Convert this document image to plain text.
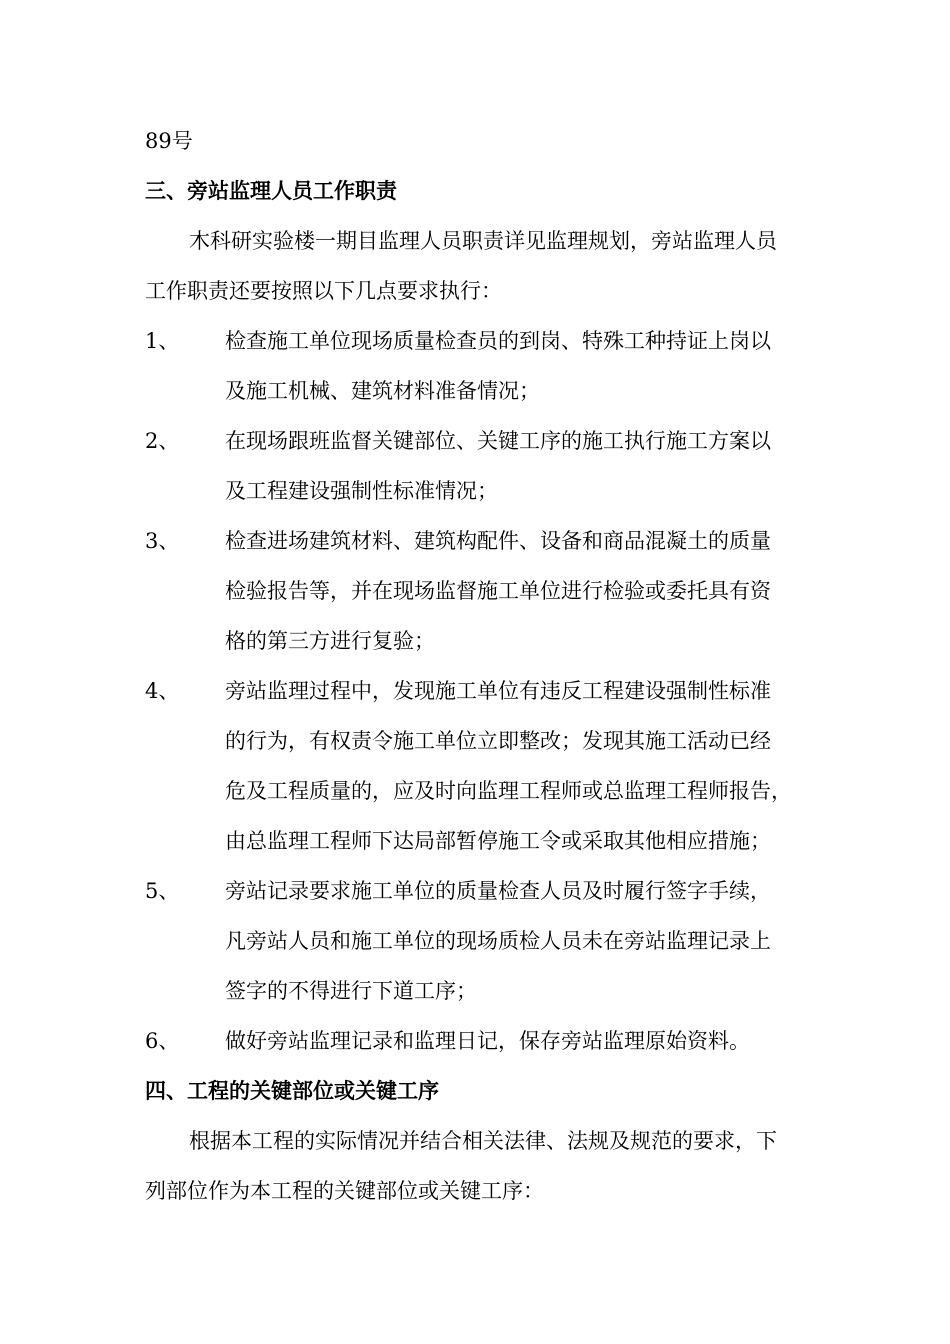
89号
三、旁站监理人员工作职责
木科研实验楼一期目监理人员职责详见监理规划，旁站监理人员
工作职责还要按照以下几点要求执行：
1、 检查施工单位现场质量检查员的到岗、特殊工种持证上岗以
及施工机械、建筑材料准备情况；
2、 在现场跟班监督关键部位、关键工序的施工执行施工方案以
及工程建设强制性标准情况；
3、 检查进场建筑材料、建筑构配件、设备和商品混凝土的质量
检验报告等，并在现场监督施工单位进行检验或委托具有资
格的第三方进行复验；
4、 旁站监理过程中，发现施工单位有违反工程建设强制性标准
的行为，有权责令施工单位立即整改；发现其施工活动已经
危及工程质量的，应及时向监理工程师或总监理工程师报告，
由总监理工程师下达局部暂停施工令或采取其他相应措施；
5、 旁站记录要求施工单位的质量检查人员及时履行签字手续，
凡旁站人员和施工单位的现场质检人员未在旁站监理记录上
签字的不得进行下道工序；
6、 做好旁站监理记录和监理日记，保存旁站监理原始资料。
四、工程的关键部位或关键工序
根据本工程的实际情况并结合相关法律、法规及规范的要求，下
列部位作为本工程的关键部位或关键工序：
